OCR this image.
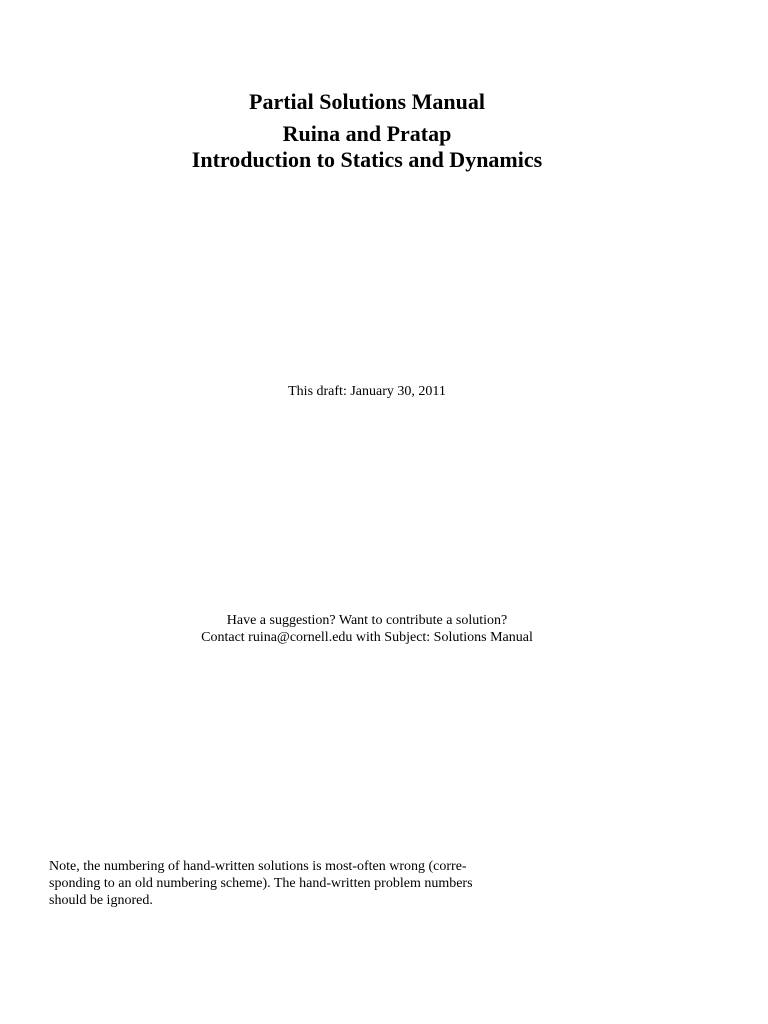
Partial Solutions Manual
Ruina and Pratap
Introduction to Statics and Dynamics
This draft: January 30, 2011
Have a suggestion? Want to contribute a solution?
Contact ruina@cornell.edu with Subject: Solutions Manual
Note, the numbering of hand-written solutions is most-often wrong (corre-
sponding to an old numbering scheme). The hand-written problem numbers
should be ignored.
